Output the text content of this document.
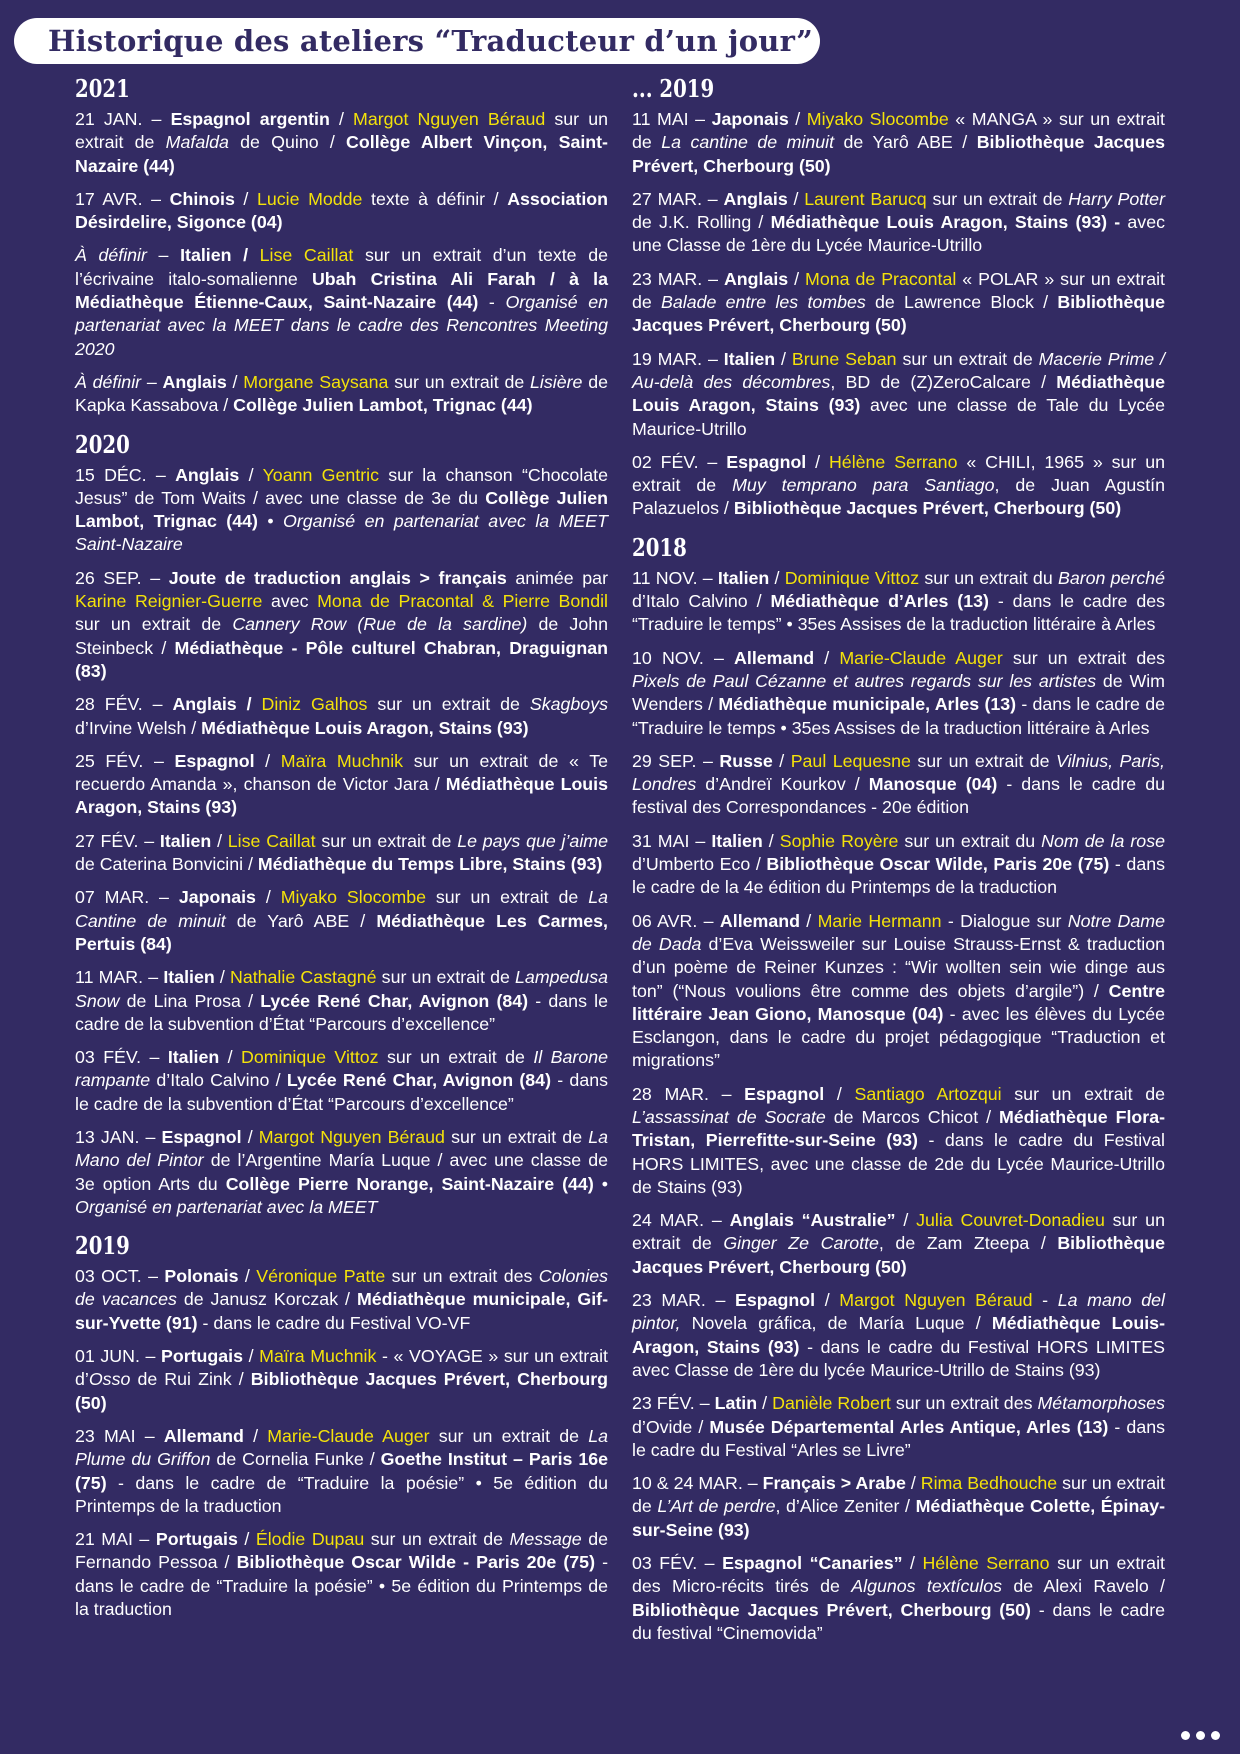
Historique des ateliers “Traducteur d’un jour”
2021
21 JAN. – Espagnol argentin / Margot Nguyen Béraud sur un extrait de Mafalda de Quino / Collège Albert Vinçon, Saint-Nazaire (44)
17 AVR. – Chinois / Lucie Modde texte à définir / Association Désirdelire, Sigonce (04)
À définir – Italien / Lise Caillat sur un extrait d’un texte de l’écrivaine italo-somalienne Ubah Cristina Ali Farah / à la Médiathèque Étienne-Caux, Saint-Nazaire (44) - Organisé en partenariat avec la MEET dans le cadre des Rencontres Meeting 2020
À définir – Anglais / Morgane Saysana sur un extrait de Lisière de Kapka Kassabova / Collège Julien Lambot, Trignac (44)
2020
15 DÉC. – Anglais / Yoann Gentric sur la chanson “Chocolate Jesus” de Tom Waits / avec une classe de 3e du Collège Julien Lambot, Trignac (44) • Organisé en partenariat avec la MEET Saint-Nazaire
26 SEP. – Joute de traduction anglais > français animée par Karine Reignier-Guerre avec Mona de Pracontal & Pierre Bondil sur un extrait de Cannery Row (Rue de la sardine) de John Steinbeck / Médiathèque - Pôle culturel Chabran, Draguignan (83)
28 FÉV. – Anglais / Diniz Galhos sur un extrait de Skagboys d’Irvine Welsh / Médiathèque Louis Aragon, Stains (93)
25 FÉV. – Espagnol / Maïra Muchnik sur un extrait de « Te recuerdo Amanda », chanson de Victor Jara / Médiathèque Louis Aragon, Stains (93)
27 FÉV. – Italien / Lise Caillat sur un extrait de Le pays que j’aime de Caterina Bonvicini / Médiathèque du Temps Libre, Stains (93)
07 MAR. – Japonais / Miyako Slocombe sur un extrait de La Cantine de minuit de Yarô ABE / Médiathèque Les Carmes, Pertuis (84)
11 MAR. – Italien / Nathalie Castagné sur un extrait de Lampedusa Snow de Lina Prosa / Lycée René Char, Avignon (84) - dans le cadre de la subvention d’État “Parcours d’excellence”
03 FÉV. – Italien / Dominique Vittoz sur un extrait de Il Barone rampante d’Italo Calvino / Lycée René Char, Avignon (84) - dans le cadre de la subvention d’État “Parcours d’excellence”
13 JAN. – Espagnol / Margot Nguyen Béraud sur un extrait de La Mano del Pintor de l’Argentine María Luque / avec une classe de 3e option Arts du Collège Pierre Norange, Saint-Nazaire (44) • Organisé en partenariat avec la MEET
2019
03 OCT. – Polonais / Véronique Patte sur un extrait des Colonies de vacances de Janusz Korczak / Médiathèque municipale, Gif-sur-Yvette (91) - dans le cadre du Festival VO-VF
01 JUN. – Portugais / Maïra Muchnik - « VOYAGE » sur un extrait d’Osso de Rui Zink / Bibliothèque Jacques Prévert, Cherbourg (50)
23 MAI – Allemand / Marie-Claude Auger sur un extrait de La Plume du Griffon de Cornelia Funke / Goethe Institut – Paris 16e (75) - dans le cadre de “Traduire la poésie” • 5e édition du Printemps de la traduction
21 MAI – Portugais / Élodie Dupau sur un extrait de Message de Fernando Pessoa / Bibliothèque Oscar Wilde - Paris 20e (75) - dans le cadre de “Traduire la poésie” • 5e édition du Printemps de la traduction
... 2019
11 MAI – Japonais / Miyako Slocombe « MANGA » sur un extrait de La cantine de minuit de Yarô ABE / Bibliothèque Jacques Prévert, Cherbourg (50)
27 MAR. – Anglais / Laurent Barucq sur un extrait de Harry Potter de J.K. Rolling / Médiathèque Louis Aragon, Stains (93) - avec une Classe de 1ère du Lycée Maurice-Utrillo
23 MAR. – Anglais / Mona de Pracontal « POLAR » sur un extrait de Balade entre les tombes de Lawrence Block / Bibliothèque Jacques Prévert, Cherbourg (50)
19 MAR. – Italien / Brune Seban sur un extrait de Macerie Prime / Au-delà des décombres, BD de (Z)ZeroCalcare / Médiathèque Louis Aragon, Stains (93) avec une classe de Tale du Lycée Maurice-Utrillo
02 FÉV. – Espagnol / Hélène Serrano « CHILI, 1965 » sur un extrait de Muy temprano para Santiago, de Juan Agustín Palazuelos / Bibliothèque Jacques Prévert, Cherbourg (50)
2018
11 NOV. – Italien / Dominique Vittoz sur un extrait du Baron perché d’Italo Calvino / Médiathèque d’Arles (13) - dans le cadre des “Traduire le temps” • 35es Assises de la traduction littéraire à Arles
10 NOV. – Allemand / Marie-Claude Auger sur un extrait des Pixels de Paul Cézanne et autres regards sur les artistes de Wim Wenders / Médiathèque municipale, Arles (13) - dans le cadre de “Traduire le temps • 35es Assises de la traduction littéraire à Arles
29 SEP. – Russe / Paul Lequesne sur un extrait de Vilnius, Paris, Londres d’Andreï Kourkov / Manosque (04) - dans le cadre du festival des Correspondances - 20e édition
31 MAI – Italien / Sophie Royère sur un extrait du Nom de la rose d’Umberto Eco / Bibliothèque Oscar Wilde, Paris 20e (75) - dans le cadre de la 4e édition du Printemps de la traduction
06 AVR. – Allemand / Marie Hermann - Dialogue sur Notre Dame de Dada d’Eva Weissweiler sur Louise Strauss-Ernst & traduction d’un poème de Reiner Kunzes : “Wir wollten sein wie dinge aus ton” (“Nous voulions être comme des objets d’argile”) / Centre littéraire Jean Giono, Manosque (04) - avec les élèves du Lycée Esclangon, dans le cadre du projet pédagogique “Traduction et migrations”
28 MAR. – Espagnol / Santiago Artozqui sur un extrait de L’assassinat de Socrate de Marcos Chicot / Médiathèque Flora-Tristan, Pierrefitte-sur-Seine (93) - dans le cadre du Festival HORS LIMITES, avec une classe de 2de du Lycée Maurice-Utrillo de Stains (93)
24 MAR. – Anglais “Australie” / Julia Couvret-Donadieu sur un extrait de Ginger Ze Carotte, de Zam Zteepa / Bibliothèque Jacques Prévert, Cherbourg (50)
23 MAR. – Espagnol / Margot Nguyen Béraud - La mano del pintor, Novela gráfica, de María Luque / Médiathèque Louis-Aragon, Stains (93) - dans le cadre du Festival HORS LIMITES avec Classe de 1ère du lycée Maurice-Utrillo de Stains (93)
23 FÉV. – Latin / Danièle Robert sur un extrait des Métamorphoses d’Ovide / Musée Départemental Arles Antique, Arles (13) - dans le cadre du Festival “Arles se Livre”
10 & 24 MAR. – Français > Arabe / Rima Bedhouche sur un extrait de L’Art de perdre, d’Alice Zeniter / Médiathèque Colette, Épinay-sur-Seine (93)
03 FÉV. – Espagnol “Canaries” / Hélène Serrano sur un extrait des Micro-récits tirés de Algunos textículos de Alexi Ravelo / Bibliothèque Jacques Prévert, Cherbourg (50) - dans le cadre du festival “Cinemovida”
